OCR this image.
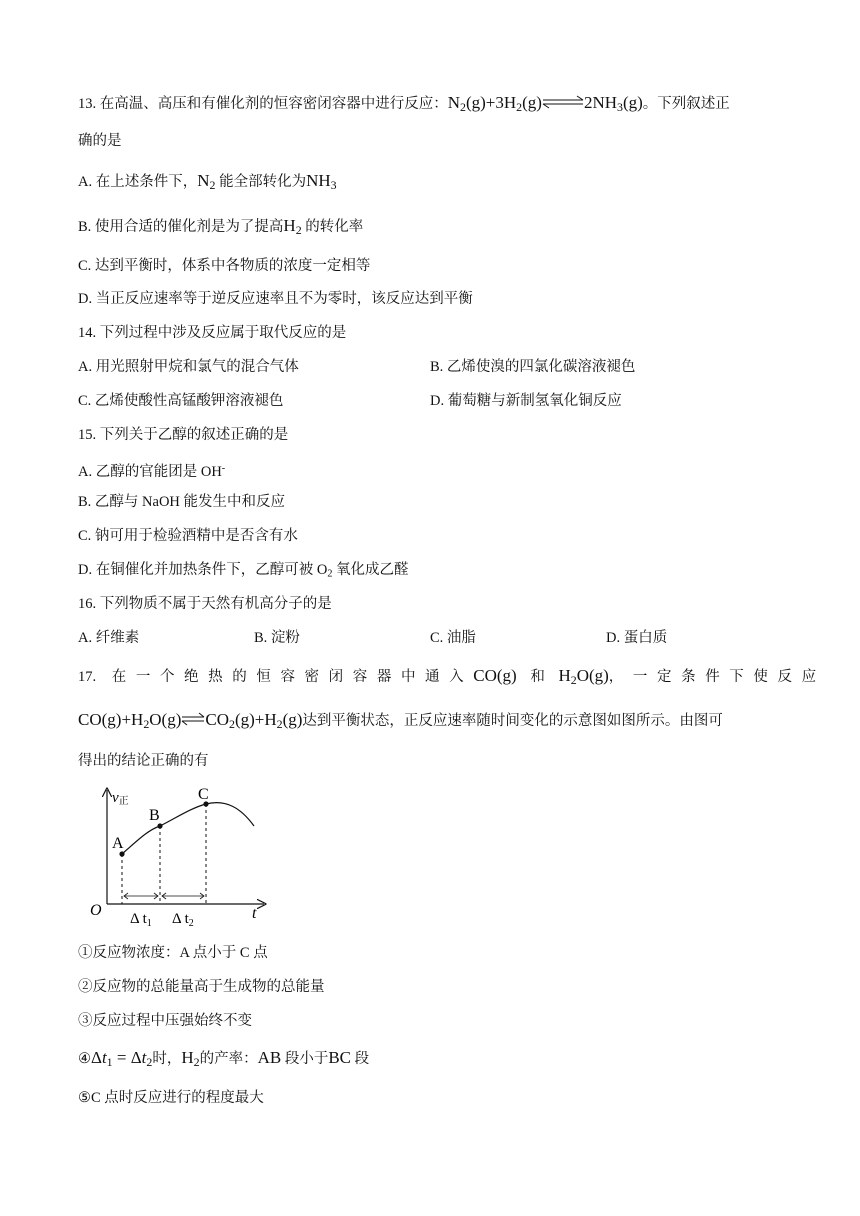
13. 在高温、高压和有催化剂的恒容密闭容器中进行反应：$N_2(g)+3H_2(g)\rightleftharpoons 2NH_3(g)$。下列叙述正
确的是
A. 在上述条件下，$N_2$ 能全部转化为$NH_3$
B. 使用合适的催化剂是为了提高$H_2$ 的转化率
C. 达到平衡时，体系中各物质的浓度一定相等
D. 当正反应速率等于逆反应速率且不为零时，该反应达到平衡
14. 下列过程中涉及反应属于取代反应的是
A. 用光照射甲烷和氯气的混合气体	B. 乙烯使溴的四氯化碳溶液褪色
C. 乙烯使酸性高锰酸钾溶液褪色	D. 葡萄糖与新制氢氧化铜反应
15. 下列关于乙醇的叙述正确的是
A. 乙醇的官能团是 OH-
B. 乙醇与 NaOH 能发生中和反应
C. 钠可用于检验酒精中是否含有水
D. 在铜催化并加热条件下，乙醇可被 $O_2$ 氧化成乙醛
16. 下列物质不属于天然有机高分子的是
A. 纤维素	B. 淀粉	C. 油脂	D. 蛋白质
17. 在一个绝热的恒容密闭容器中通入CO(g) 和 $H_2O(g)$，一定条件下使反应
$CO(g)+H_2O(g)\rightleftharpoons CO_2(g)+H_2(g)$达到平衡状态，正反应速率随时间变化的示意图如图所示。由图可
得出的结论正确的有
v正
A
B
C
O	t
Δ $t_1$ Δ $t_2$
①反应物浓度：A 点小于 C 点
②反应物的总能量高于生成物的总能量
③反应过程中压强始终不变
$④\Delta t_1 = \Delta t_2$时，$H_2$的产率：AB 段小于BC 段
⑤C 点时反应进行的程度最大
